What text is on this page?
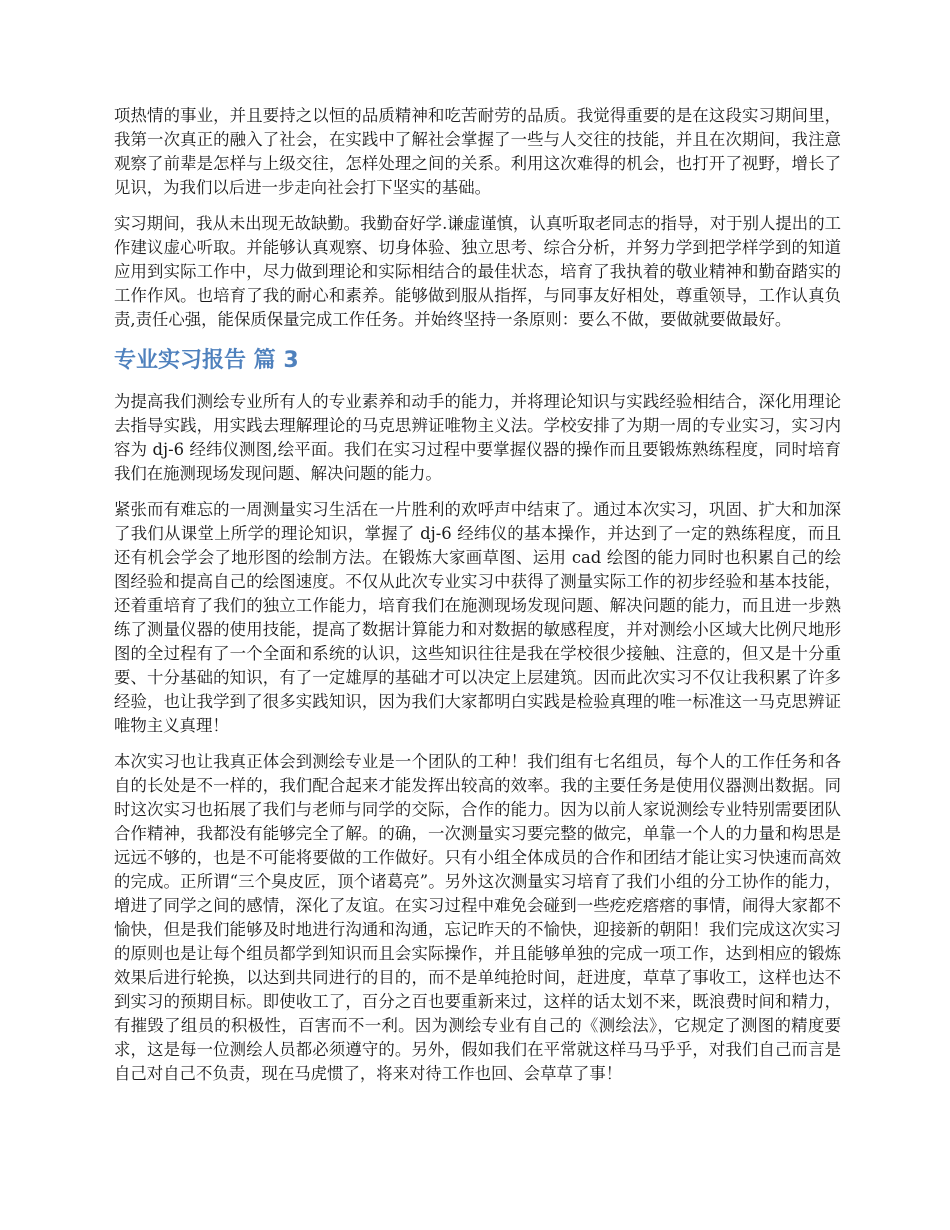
项热情的事业，并且要持之以恒的品质精神和吃苦耐劳的品质。我觉得重要的是在这段实习期间里，我第一次真正的融入了社会，在实践中了解社会掌握了一些与人交往的技能，并且在次期间，我注意观察了前辈是怎样与上级交往，怎样处理之间的关系。利用这次难得的机会，也打开了视野，增长了见识，为我们以后进一步走向社会打下坚实的基础。

实习期间，我从未出现无故缺勤。我勤奋好学.谦虚谨慎，认真听取老同志的指导，对于别人提出的工作建议虚心听取。并能够认真观察、切身体验、独立思考、综合分析，并努力学到把学样学到的知道应用到实际工作中，尽力做到理论和实际相结合的最佳状态，培育了我执着的敬业精神和勤奋踏实的工作作风。也培育了我的耐心和素养。能够做到服从指挥，与同事友好相处，尊重领导，工作认真负责,责任心强，能保质保量完成工作任务。并始终坚持一条原则：要么不做，要做就要做最好。

专业实习报告 篇 3

为提高我们测绘专业所有人的专业素养和动手的能力，并将理论知识与实践经验相结合，深化用理论去指导实践，用实践去理解理论的马克思辨证唯物主义法。学校安排了为期一周的专业实习，实习内容为 dj-6 经纬仪测图,绘平面。我们在实习过程中要掌握仪器的操作而且要锻炼熟练程度，同时培育我们在施测现场发现问题、解决问题的能力。

紧张而有难忘的一周测量实习生活在一片胜利的欢呼声中结束了。通过本次实习，巩固、扩大和加深了我们从课堂上所学的理论知识，掌握了 dj-6 经纬仪的基本操作，并达到了一定的熟练程度，而且还有机会学会了地形图的绘制方法。在锻炼大家画草图、运用 cad 绘图的能力同时也积累自己的绘图经验和提高自己的绘图速度。不仅从此次专业实习中获得了测量实际工作的初步经验和基本技能，还着重培育了我们的独立工作能力，培育我们在施测现场发现问题、解决问题的能力，而且进一步熟练了测量仪器的使用技能，提高了数据计算能力和对数据的敏感程度，并对测绘小区域大比例尺地形图的全过程有了一个全面和系统的认识，这些知识往往是我在学校很少接触、注意的，但又是十分重要、十分基础的知识，有了一定雄厚的基础才可以决定上层建筑。因而此次实习不仅让我积累了许多经验，也让我学到了很多实践知识，因为我们大家都明白实践是检验真理的唯一标准这一马克思辨证唯物主义真理！

本次实习也让我真正体会到测绘专业是一个团队的工种！我们组有七名组员，每个人的工作任务和各自的长处是不一样的，我们配合起来才能发挥出较高的效率。我的主要任务是使用仪器测出数据。同时这次实习也拓展了我们与老师与同学的交际，合作的能力。因为以前人家说测绘专业特别需要团队合作精神，我都没有能够完全了解。的确，一次测量实习要完整的做完，单靠一个人的力量和构思是远远不够的，也是不可能将要做的工作做好。只有小组全体成员的合作和团结才能让实习快速而高效的完成。正所谓“三个臭皮匠，顶个诸葛亮”。另外这次测量实习培育了我们小组的分工协作的能力，增进了同学之间的感情，深化了友谊。在实习过程中难免会碰到一些疙疙瘩瘩的事情，闹得大家都不愉快，但是我们能够及时地进行沟通和沟通，忘记昨天的不愉快，迎接新的朝阳！我们完成这次实习的原则也是让每个组员都学到知识而且会实际操作，并且能够单独的完成一项工作，达到相应的锻炼效果后进行轮换，以达到共同进行的目的，而不是单纯抢时间，赶进度，草草了事收工，这样也达不到实习的预期目标。即使收工了，百分之百也要重新来过，这样的话太划不来，既浪费时间和精力，有摧毁了组员的积极性，百害而不一利。因为测绘专业有自己的《测绘法》，它规定了测图的精度要求，这是每一位测绘人员都必须遵守的。另外，假如我们在平常就这样马马乎乎，对我们自己而言是自己对自己不负责，现在马虎惯了，将来对待工作也回、会草草了事！
